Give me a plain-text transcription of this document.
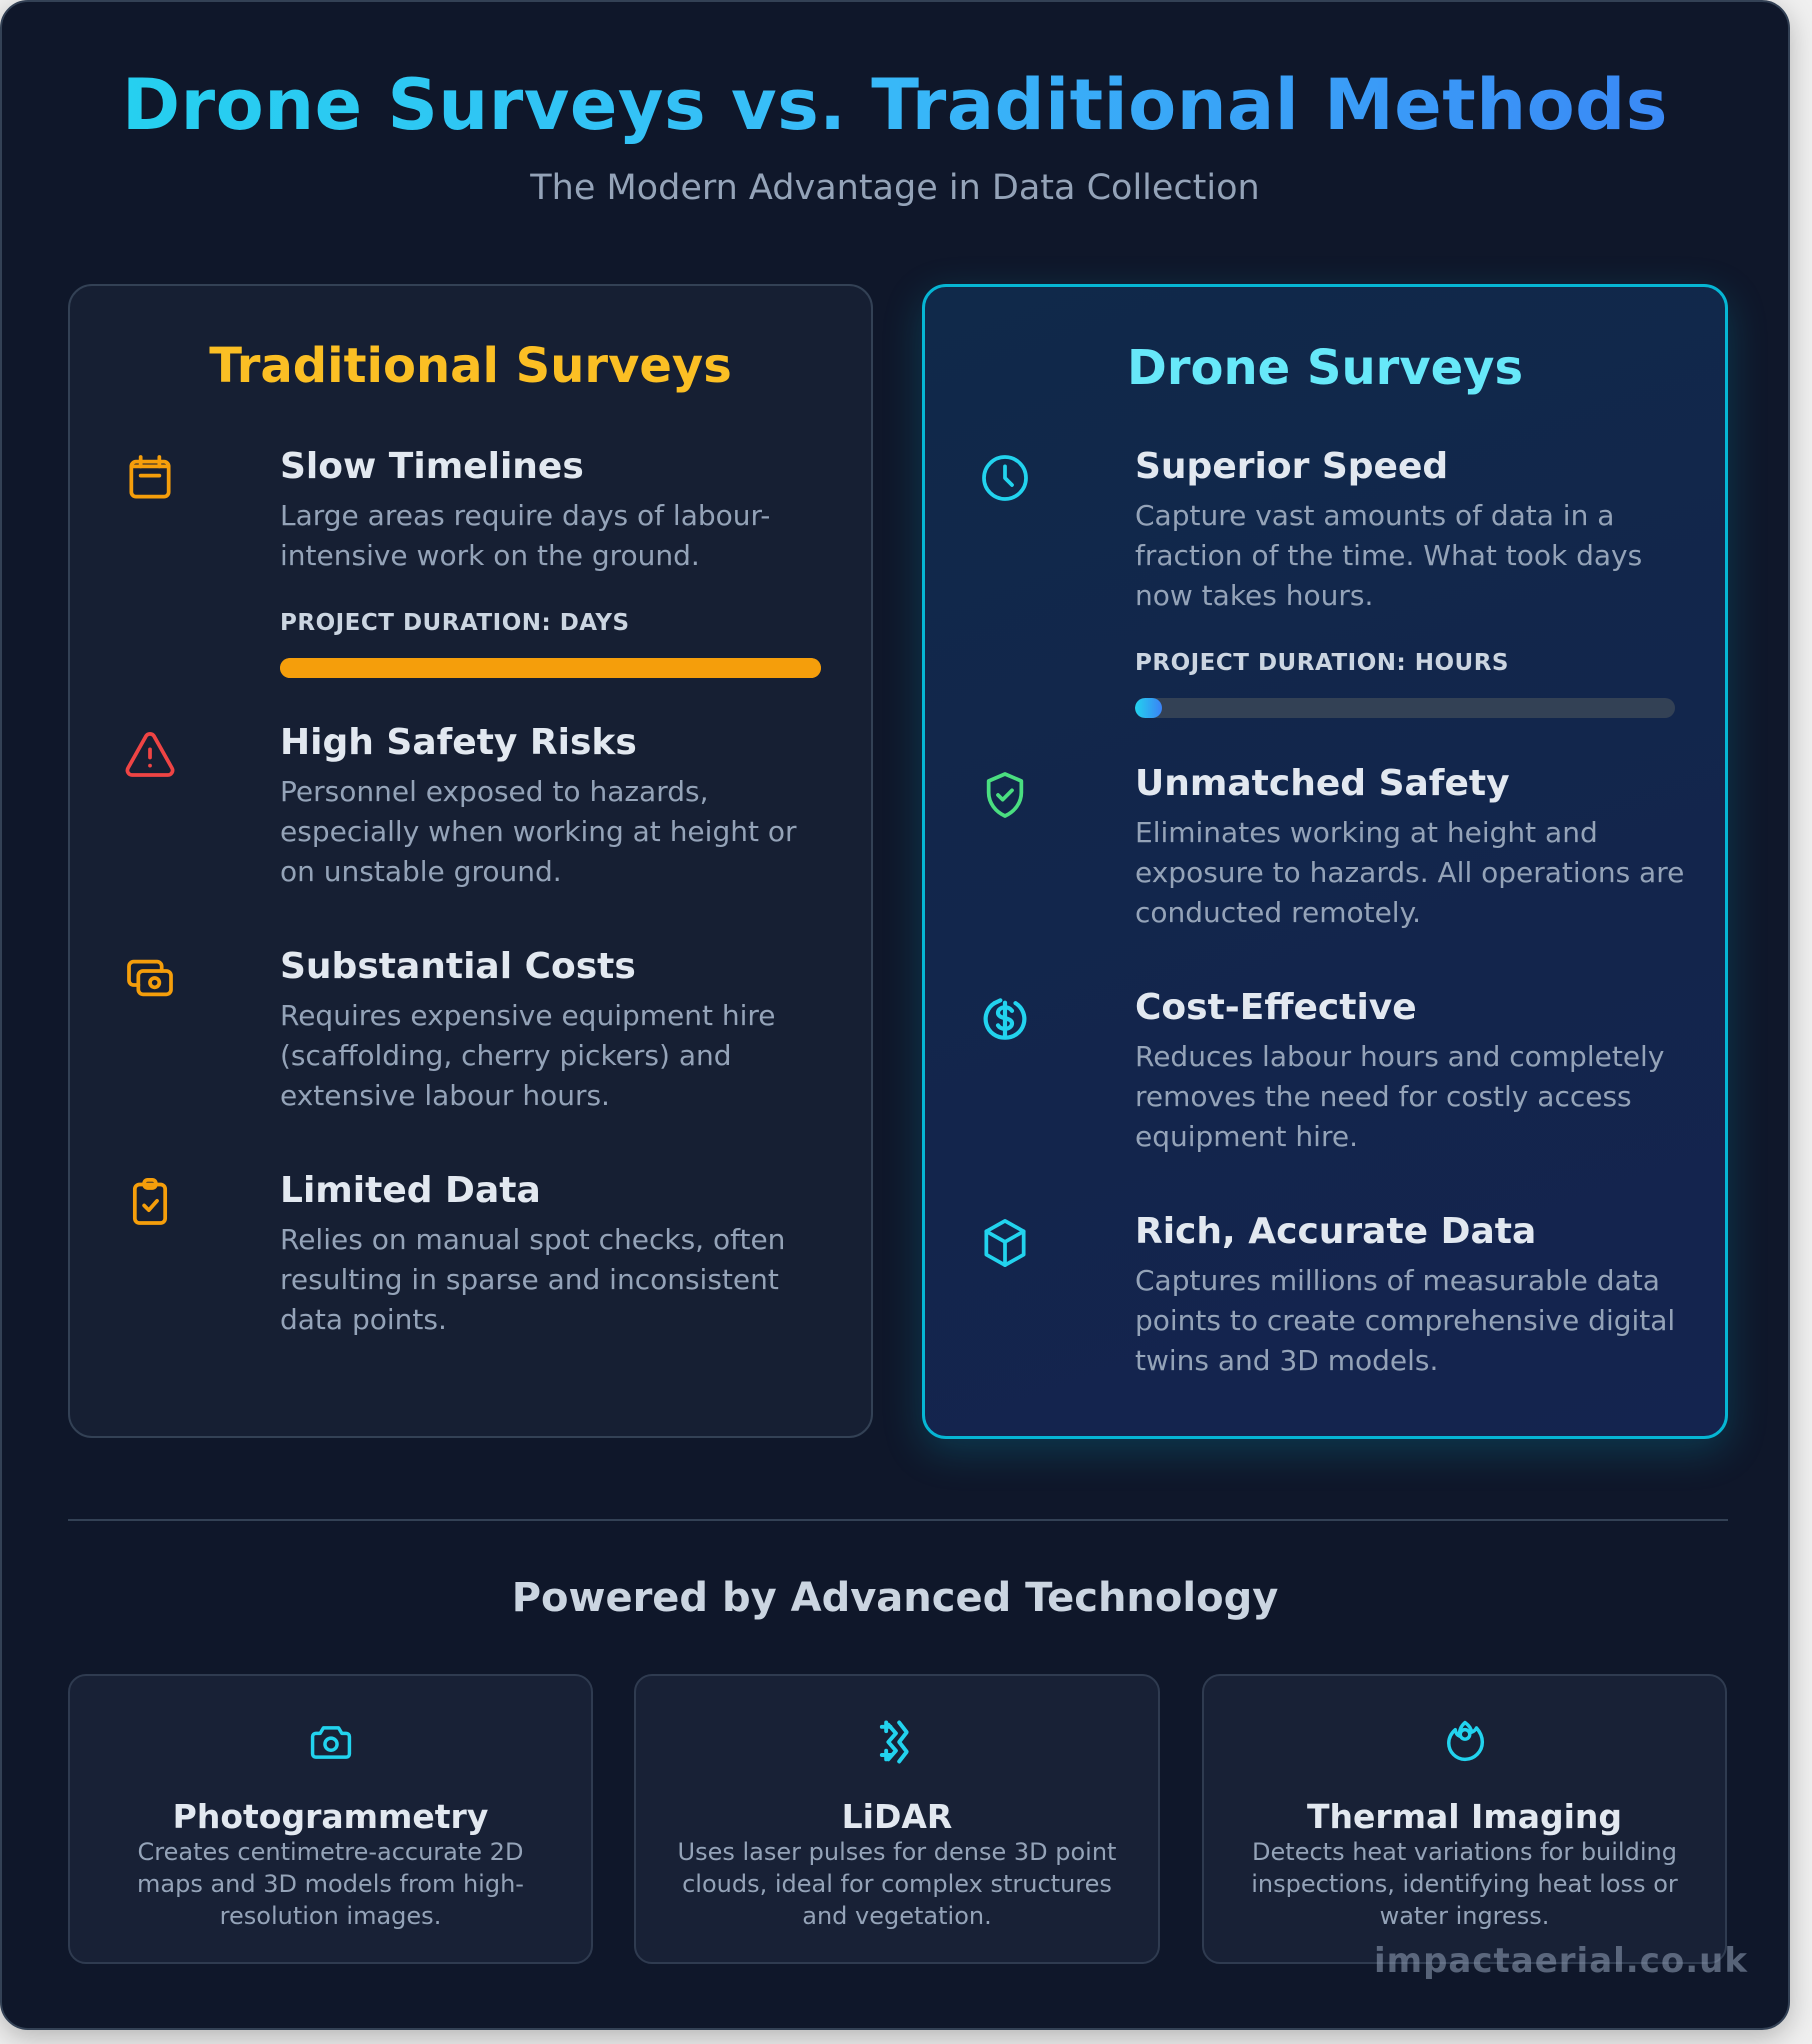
Drone Surveys vs. Traditional Methods
The Modern Advantage in Data Collection
Traditional Surveys
Slow Timelines
Large areas require days of labour-intensive work on the ground.
PROJECT DURATION: DAYS
High Safety Risks
Personnel exposed to hazards, especially when working at height or on unstable ground.
Substantial Costs
Requires expensive equipment hire (scaffolding, cherry pickers) and extensive labour hours.
Limited Data
Relies on manual spot checks, often resulting in sparse and inconsistent data points.
Drone Surveys
Superior Speed
Capture vast amounts of data in a fraction of the time. What took days now takes hours.
PROJECT DURATION: HOURS
Unmatched Safety
Eliminates working at height and exposure to hazards. All operations are conducted remotely.
Cost-Effective
Reduces labour hours and completely removes the need for costly access equipment hire.
Rich, Accurate Data
Captures millions of measurable data points to create comprehensive digital twins and 3D models.
Powered by Advanced Technology
Photogrammetry
Creates centimetre-accurate 2D maps and 3D models from high-resolution images.
LiDAR
Uses laser pulses for dense 3D point clouds, ideal for complex structures and vegetation.
Thermal Imaging
Detects heat variations for building inspections, identifying heat loss or water ingress.
impactaerial.co.uk
